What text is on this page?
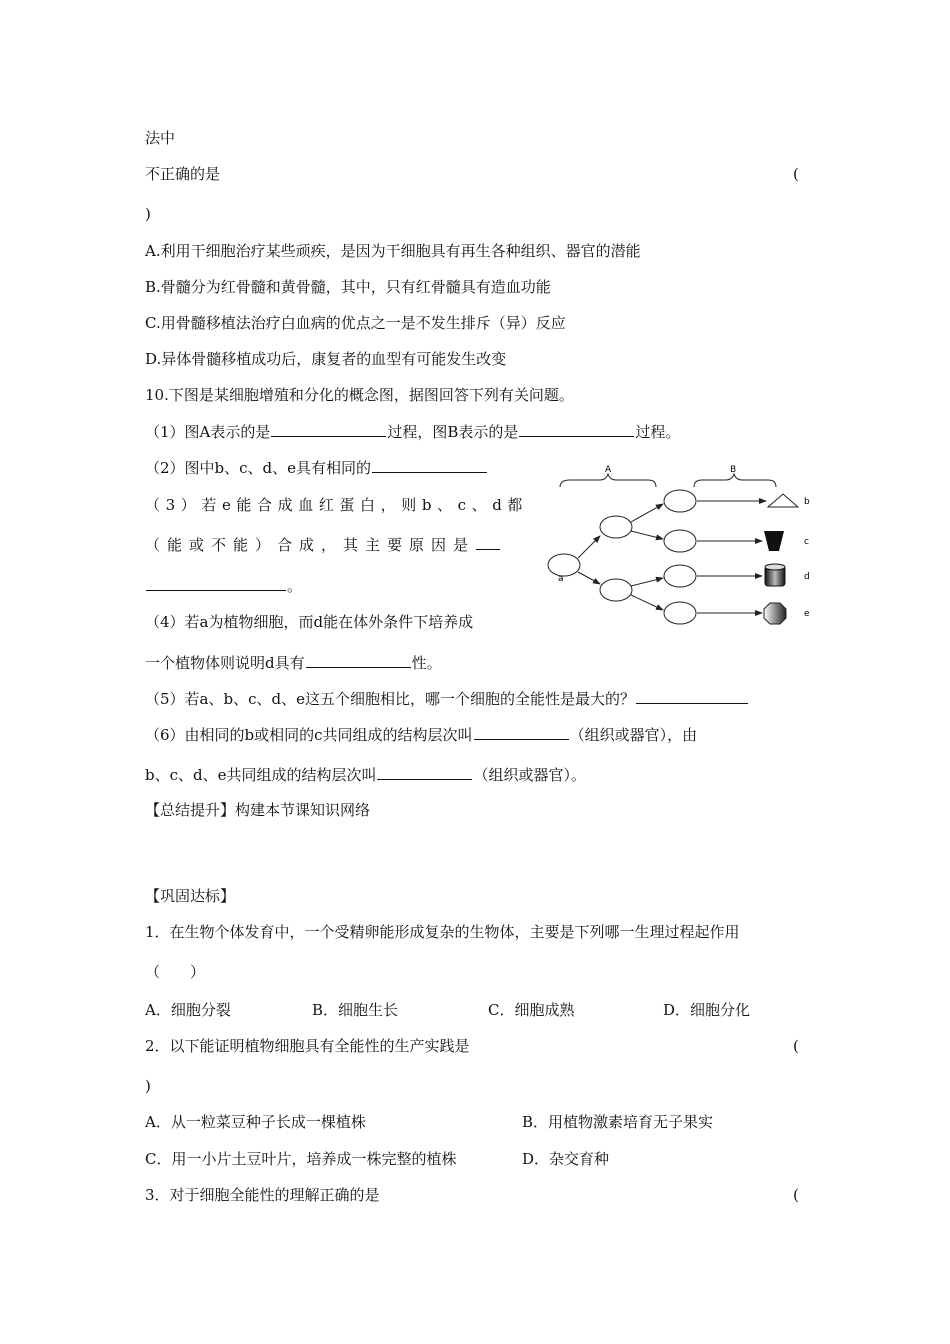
法中
不正确的是	(
)
A.利用干细胞治疗某些顽疾，是因为干细胞具有再生各种组织、器官的潜能
B.骨髓分为红骨髓和黄骨髓，其中，只有红骨髓具有造血功能
C.用骨髓移植法治疗白血病的优点之一是不发生排斥（异）反应
D.异体骨髓移植成功后，康复者的血型有可能发生改变
10.下图是某细胞增殖和分化的概念图，据图回答下列有关问题。
（1）图A表示的是	过程，图B表示的是	过程。
（2）图中b、c、d、e具有相同的
（3）若e能合成血红蛋白，则b、c、d都
（能或不能）合成，其主要原因是
。
（4）若a为植物细胞，而d能在体外条件下培养成
一个植物体则说明d具有	性。
（5）若a、b、c、d、e这五个细胞相比，哪一个细胞的全能性是最大的？
（6）由相同的b或相同的c共同组成的结构层次叫	（组织或器官），由
b、c、d、e共同组成的结构层次叫	（组织或器官）。
A	B
a
b
c
d
e
【总结提升】构建本节课知识网络
【巩固达标】
1．在生物个体发育中，一个受精卵能形成复杂的生物体，主要是下列哪一生理过程起作用
（　　）
A．细胞分裂	B．细胞生长	C．细胞成熟	D．细胞分化
2．以下能证明植物细胞具有全能性的生产实践是	(
)
A．从一粒菜豆种子长成一棵植株	B．用植物激素培育无子果实
C．用一小片土豆叶片，培养成一株完整的植株	D．杂交育种
3．对于细胞全能性的理解正确的是	(
